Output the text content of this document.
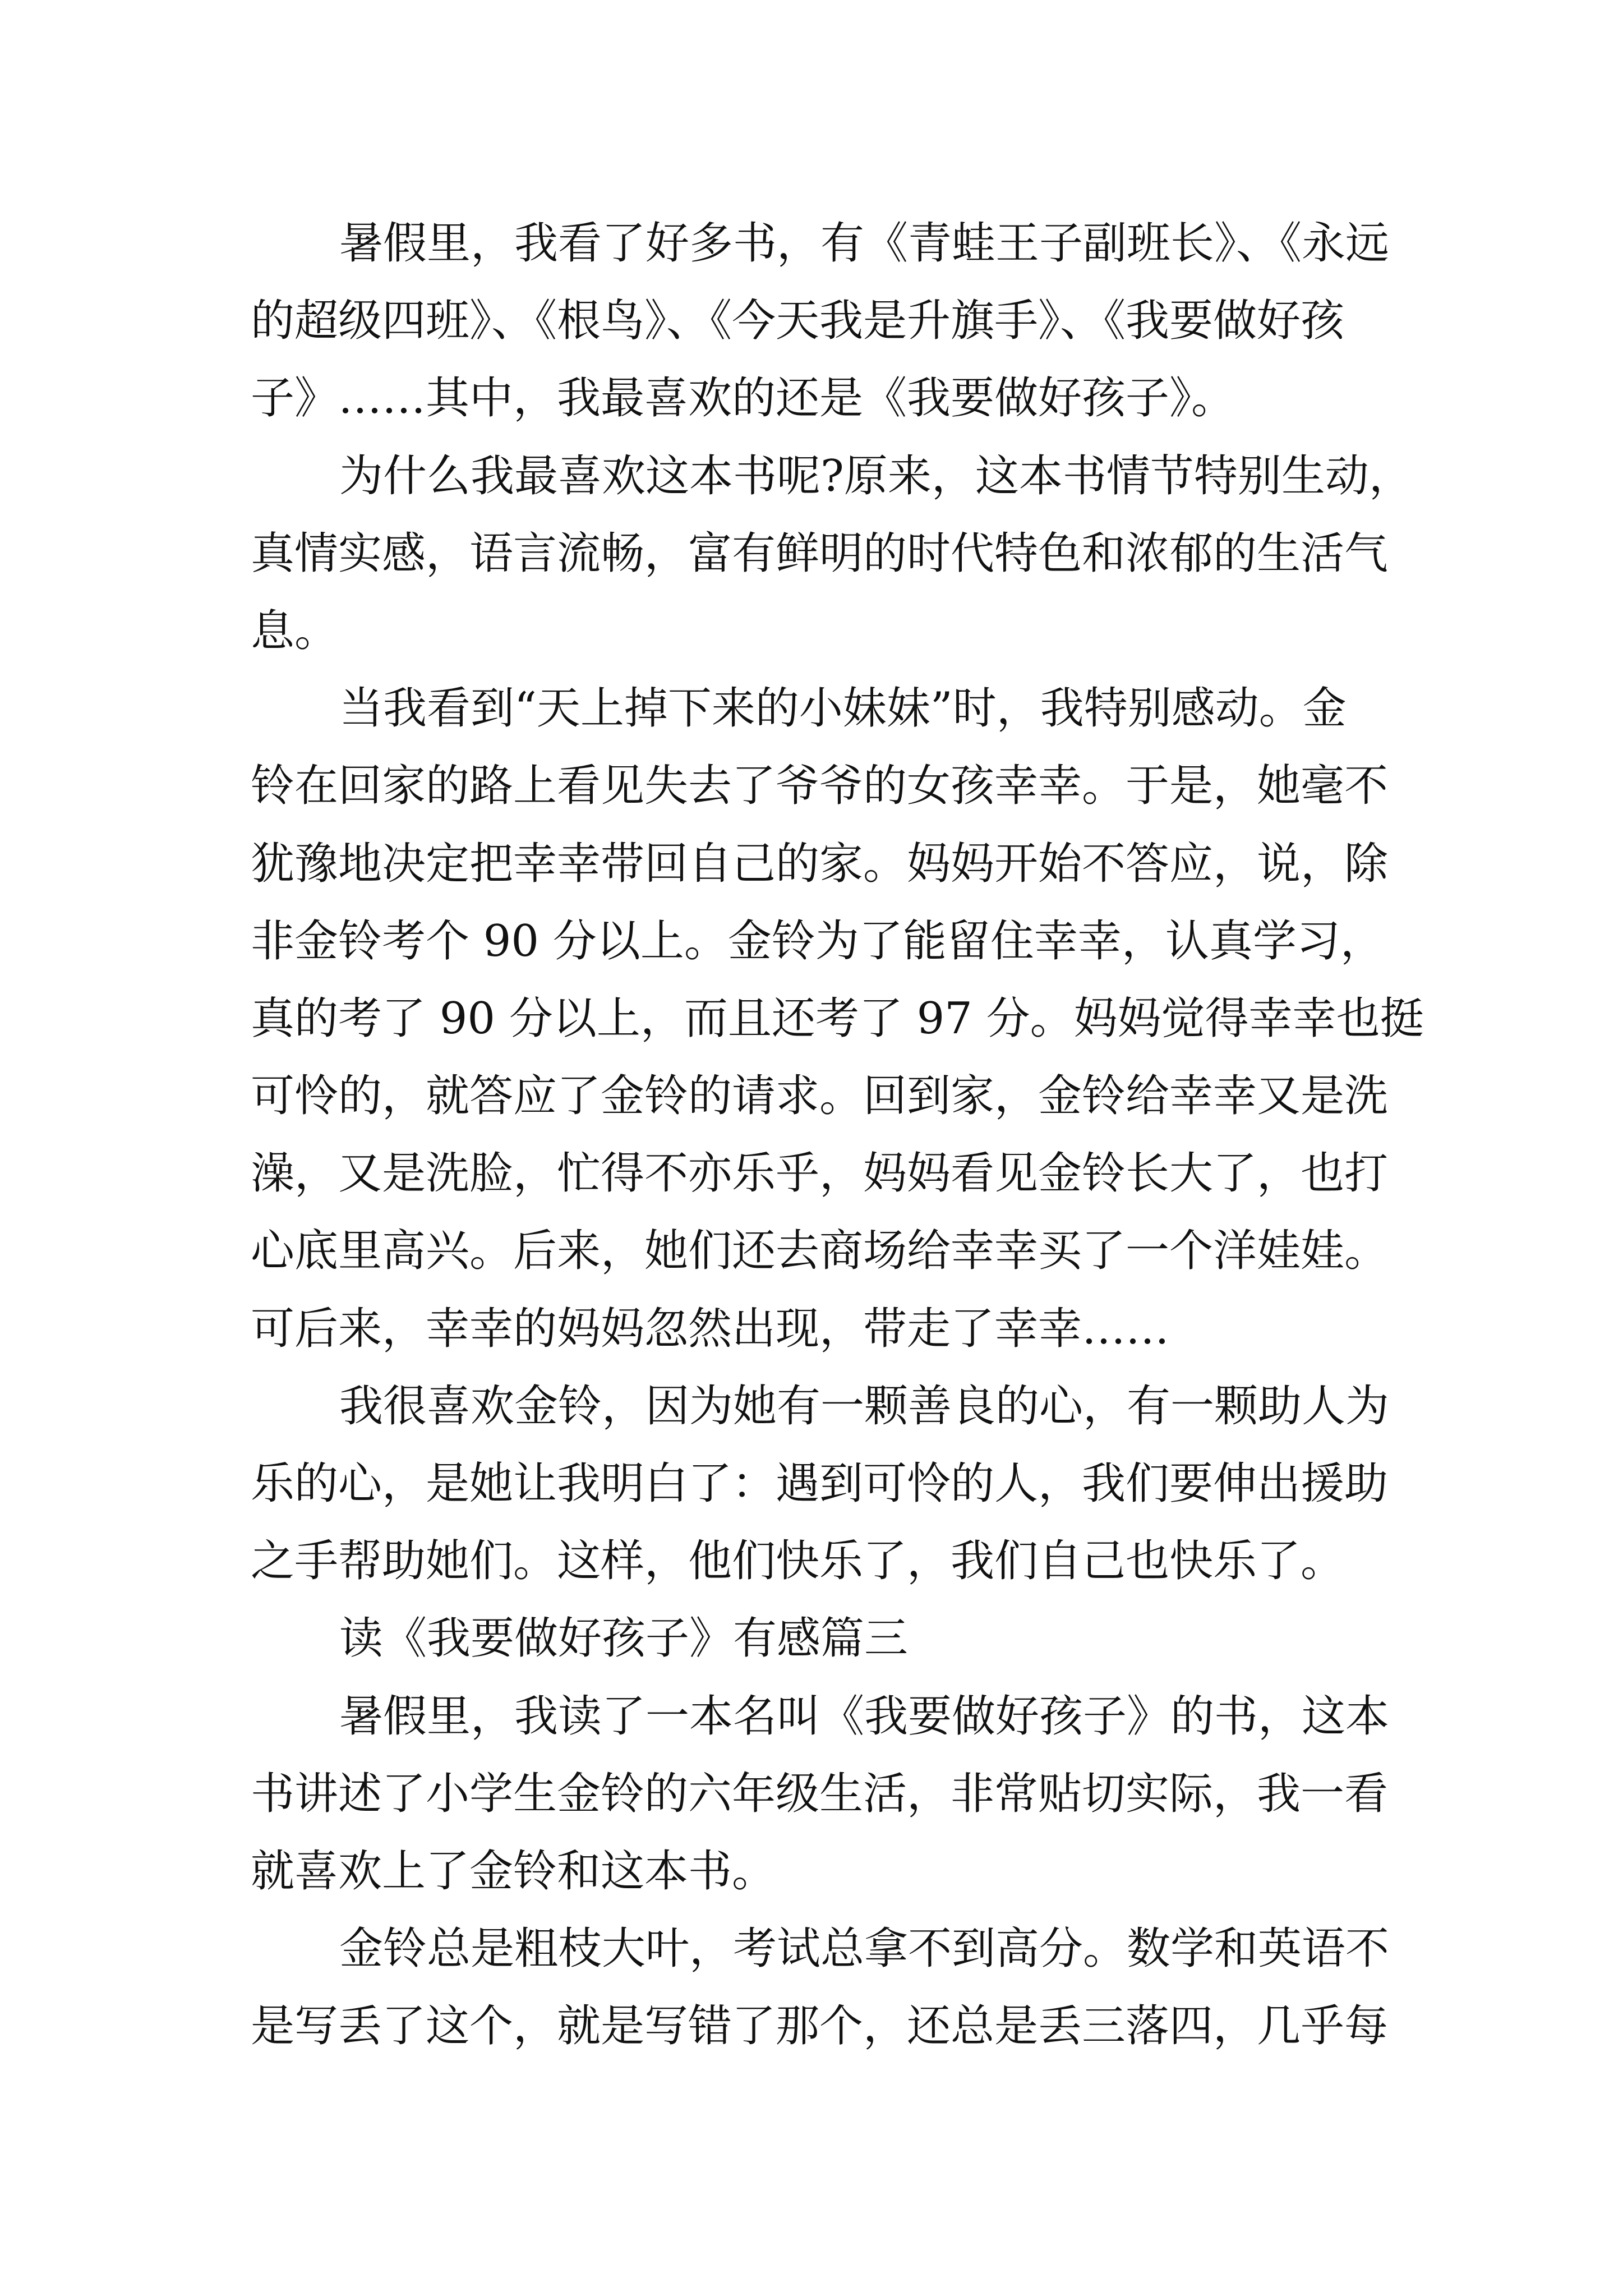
暑假里，我看了好多书，有《青蛙王子副班长》、《永远
的超级四班》、《根鸟》、《今天我是升旗手》、《我要做好孩
子》……其中，我最喜欢的还是《我要做好孩子》。
为什么我最喜欢这本书呢?原来，这本书情节特别生动，
真情实感，语言流畅，富有鲜明的时代特色和浓郁的生活气
息。
当我看到“天上掉下来的小妹妹”时，我特别感动。金
铃在回家的路上看见失去了爷爷的女孩幸幸。于是，她毫不
犹豫地决定把幸幸带回自己的家。妈妈开始不答应，说，除
非金铃考个 90 分以上。金铃为了能留住幸幸，认真学习，
真的考了 90 分以上，而且还考了 97 分。妈妈觉得幸幸也挺
可怜的，就答应了金铃的请求。回到家，金铃给幸幸又是洗
澡，又是洗脸，忙得不亦乐乎，妈妈看见金铃长大了，也打
心底里高兴。后来，她们还去商场给幸幸买了一个洋娃娃。
可后来，幸幸的妈妈忽然出现，带走了幸幸……
我很喜欢金铃，因为她有一颗善良的心，有一颗助人为
乐的心，是她让我明白了：遇到可怜的人，我们要伸出援助
之手帮助她们。这样，他们快乐了，我们自己也快乐了。
读《我要做好孩子》有感篇三
暑假里，我读了一本名叫《我要做好孩子》的书，这本
书讲述了小学生金铃的六年级生活，非常贴切实际，我一看
就喜欢上了金铃和这本书。
金铃总是粗枝大叶，考试总拿不到高分。数学和英语不
是写丢了这个，就是写错了那个，还总是丢三落四，几乎每
